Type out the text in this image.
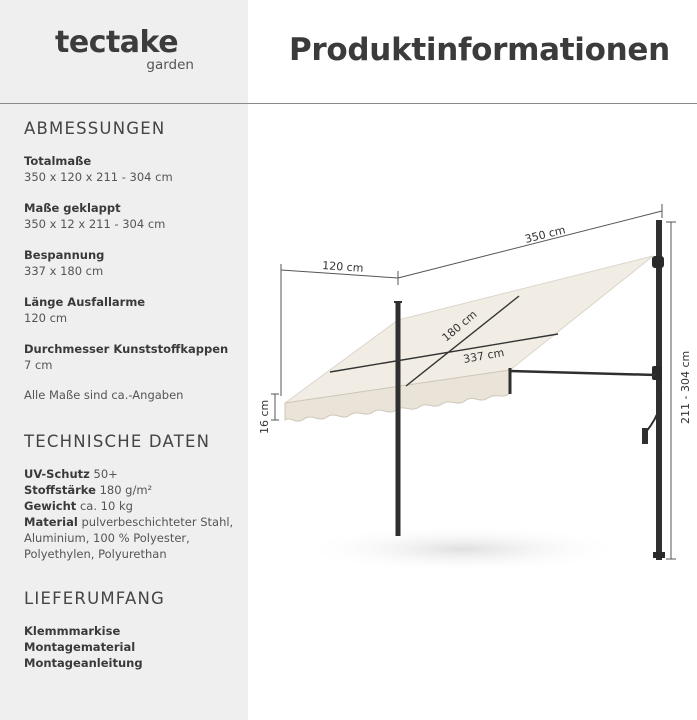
tectake
garden	Produktinformationen
ABMESSUNGEN
Totalmaße
350 x 120 x 211 - 304 cm
Maße geklappt
350 x 12 x 211 - 304 cm
Bespannung
337 x 180 cm
Länge Ausfallarme
120 cm
Durchmesser Kunststoffkappen
7 cm
Alle Maße sind ca.-Angaben
TECHNISCHE DATEN
UV-Schutz 50+
Stoffstärke 180 g/m²
Gewicht ca. 10 kg
Material pulverbeschichteter Stahl, Aluminium, 100 % Polyester, Polyethylen, Polyurethan
LIEFERUMFANG
Klemmmarkise
Montagematerial
Montageanleitung
350 cm
120 cm
180 cm
337 cm
16 cm	211 - 304 cm
